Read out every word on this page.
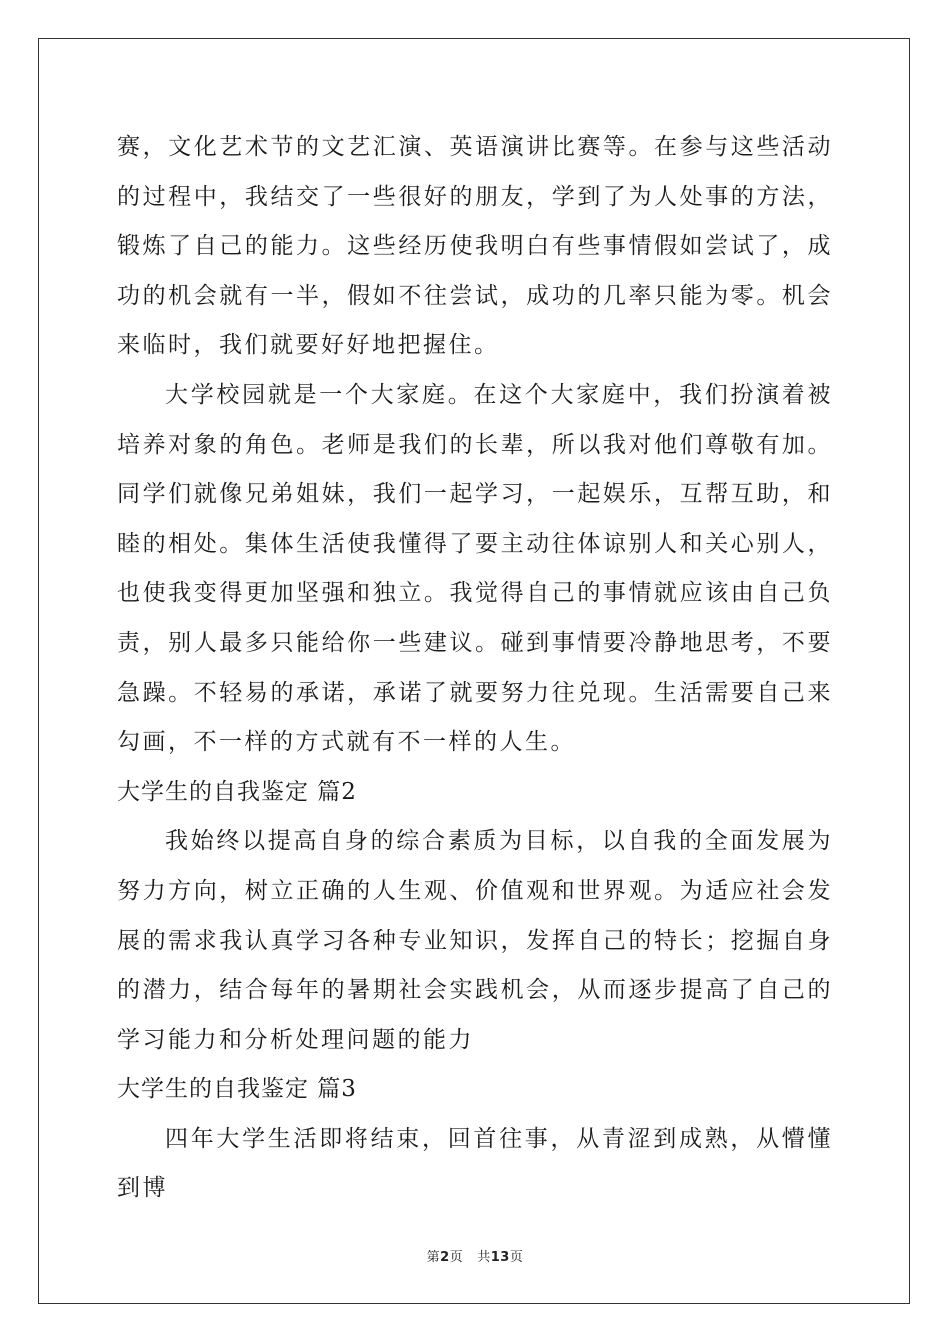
赛，文化艺术节的文艺汇演、英语演讲比赛等。在参与这些活动的过程中，我结交了一些很好的朋友，学到了为人处事的方法，锻炼了自己的能力。这些经历使我明白有些事情假如尝试了，成功的机会就有一半，假如不往尝试，成功的几率只能为零。机会来临时，我们就要好好地把握住。

大学校园就是一个大家庭。在这个大家庭中，我们扮演着被培养对象的角色。老师是我们的长辈，所以我对他们尊敬有加。同学们就像兄弟姐妹，我们一起学习，一起娱乐，互帮互助，和睦的相处。集体生活使我懂得了要主动往体谅别人和关心别人，也使我变得更加坚强和独立。我觉得自己的事情就应该由自己负责，别人最多只能给你一些建议。碰到事情要冷静地思考，不要急躁。不轻易的承诺，承诺了就要努力往兑现。生活需要自己来勾画，不一样的方式就有不一样的人生。

大学生的自我鉴定 篇2

我始终以提高自身的综合素质为目标，以自我的全面发展为努力方向，树立正确的人生观、价值观和世界观。为适应社会发展的需求我认真学习各种专业知识，发挥自己的特长；挖掘自身的潜力，结合每年的暑期社会实践机会，从而逐步提高了自己的学习能力和分析处理问题的能力

大学生的自我鉴定 篇3

四年大学生活即将结束，回首往事，从青涩到成熟，从懵懂到博

第2页 共13页
